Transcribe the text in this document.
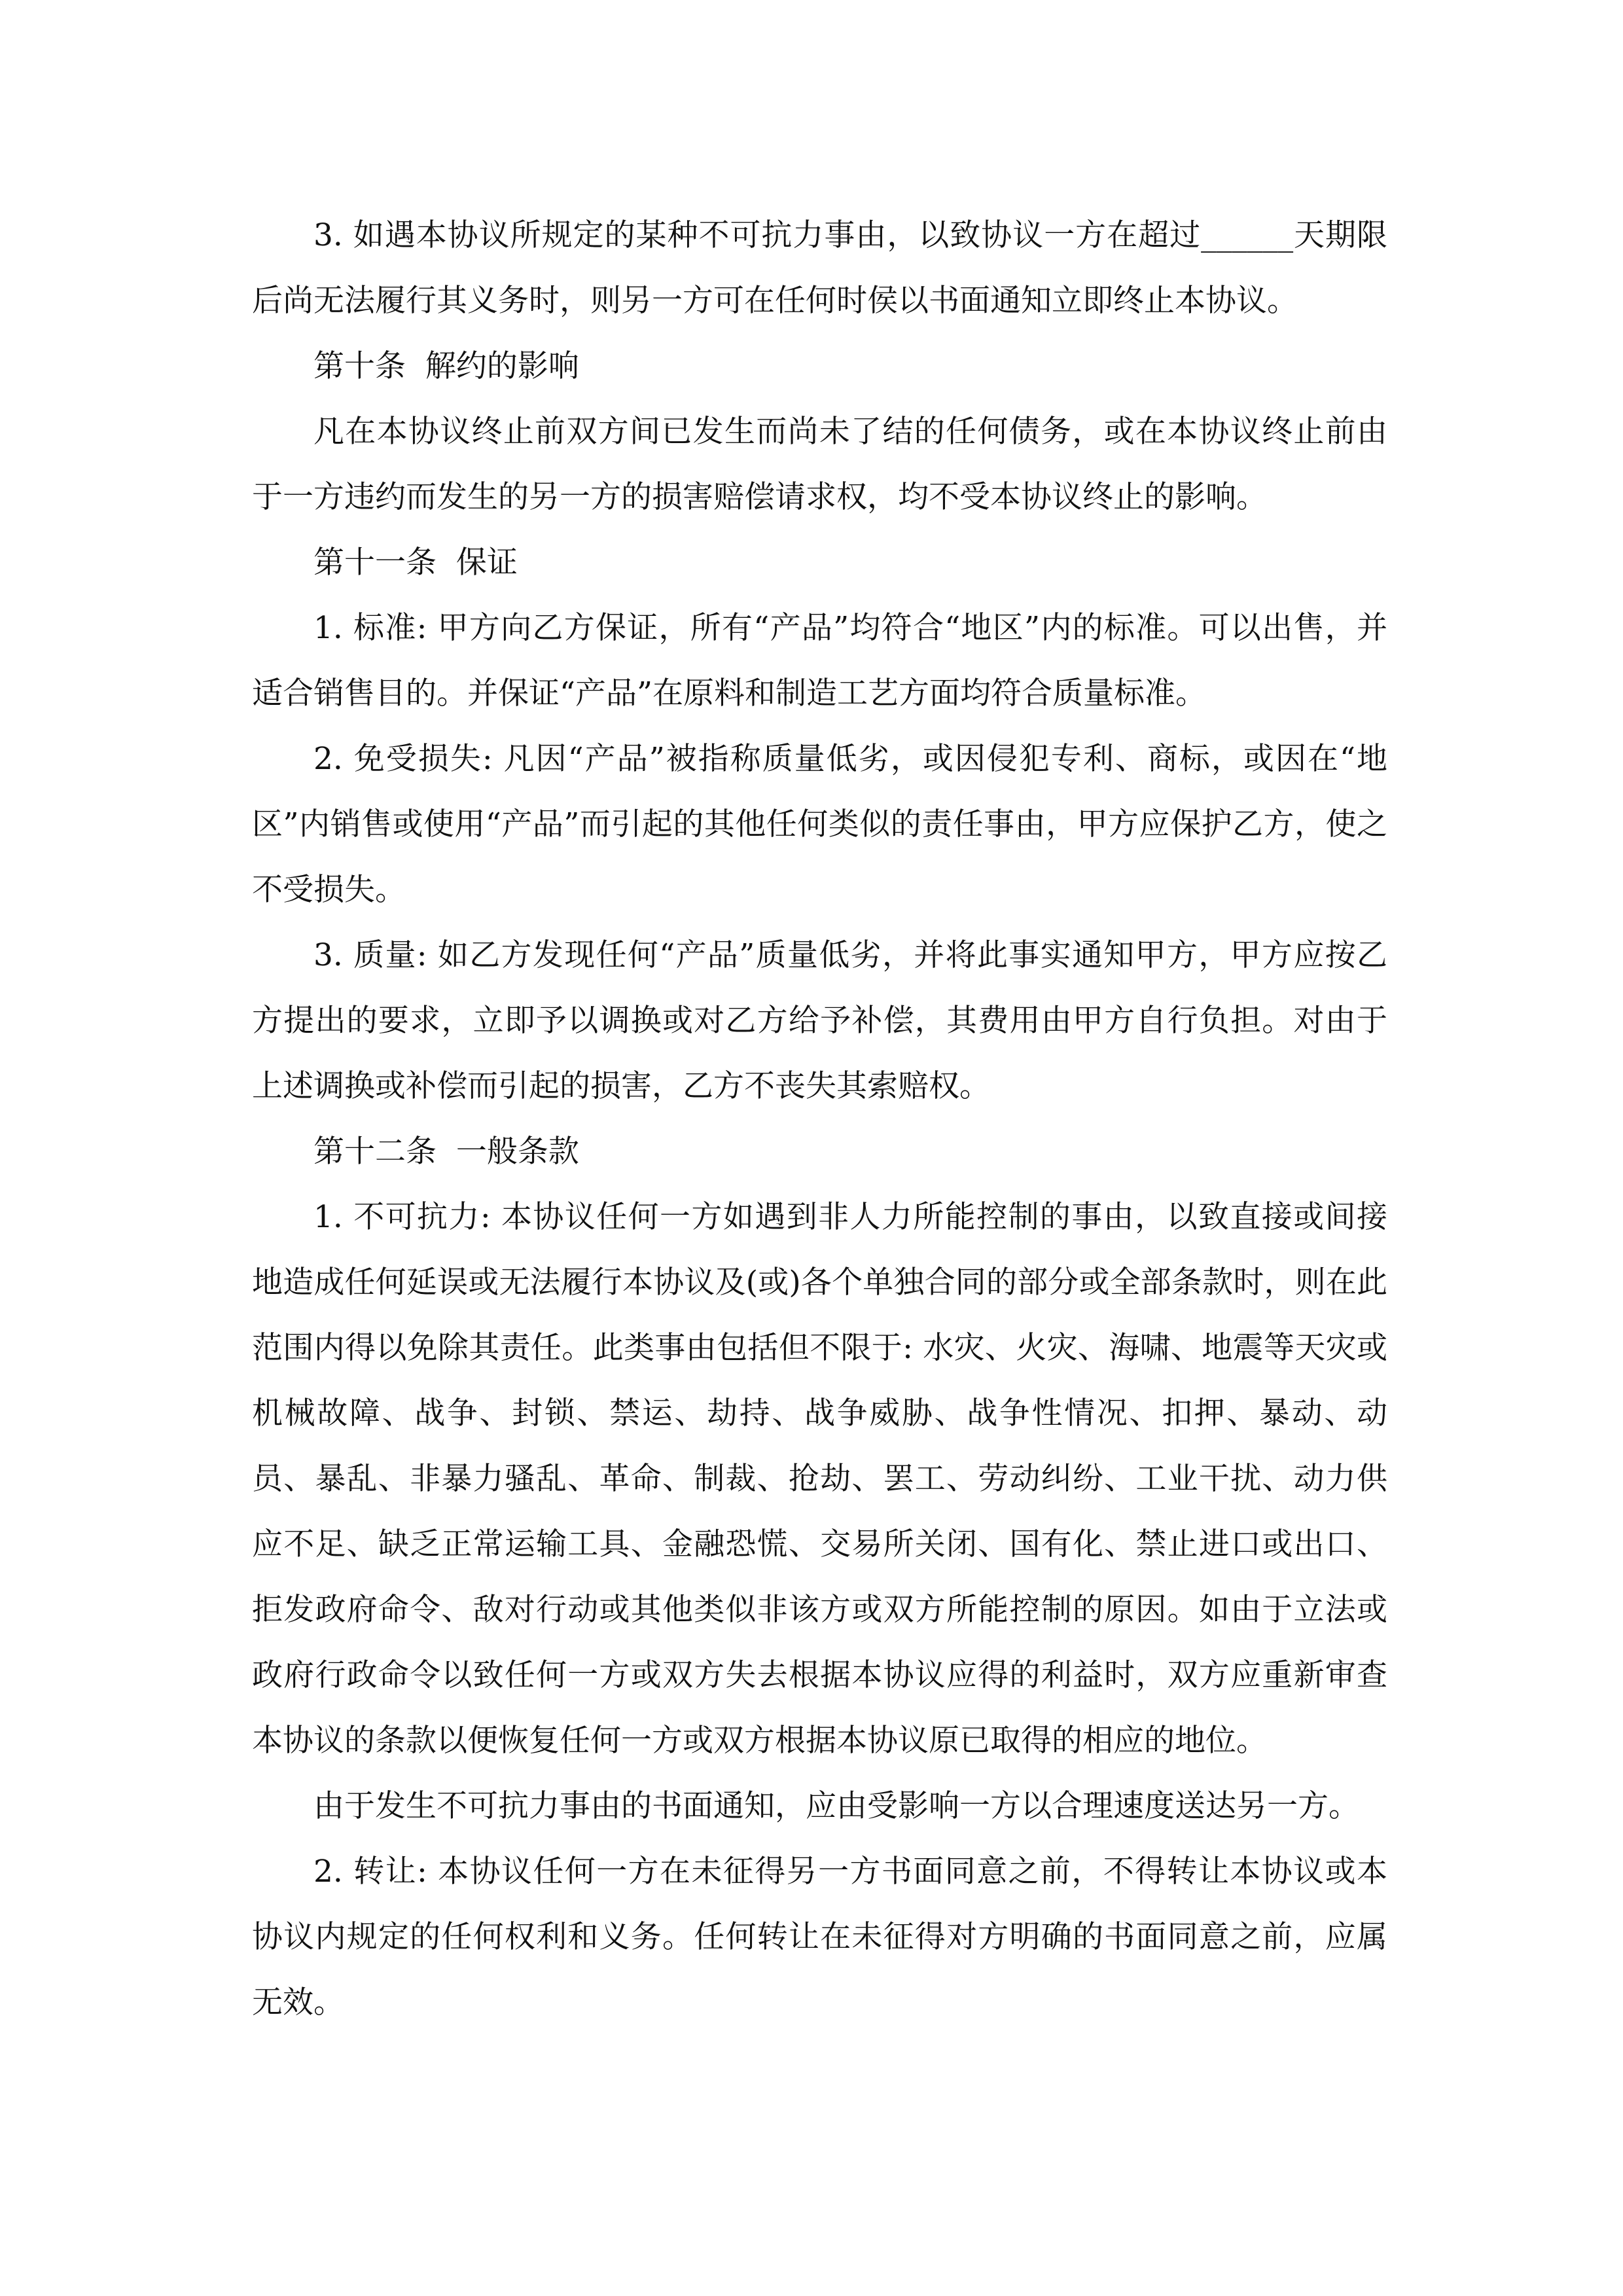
3. 如遇本协议所规定的某种不可抗力事由，以致协议一方在超过______天期限后尚无法履行其义务时，则另一方可在任何时侯以书面通知立即终止本协议。

第十条  解约的影响

凡在本协议终止前双方间已发生而尚未了结的任何债务，或在本协议终止前由于一方违约而发生的另一方的损害赔偿请求权，均不受本协议终止的影响。

第十一条  保证

1. 标准: 甲方向乙方保证，所有“产品”均符合“地区”内的标准。可以出售，并适合销售目的。并保证“产品”在原料和制造工艺方面均符合质量标准。

2. 免受损失: 凡因“产品”被指称质量低劣，或因侵犯专利、商标，或因在“地区”内销售或使用“产品”而引起的其他任何类似的责任事由，甲方应保护乙方，使之不受损失。

3. 质量: 如乙方发现任何“产品”质量低劣，并将此事实通知甲方，甲方应按乙方提出的要求，立即予以调换或对乙方给予补偿，其费用由甲方自行负担。对由于上述调换或补偿而引起的损害，乙方不丧失其索赔权。

第十二条  一般条款

1. 不可抗力: 本协议任何一方如遇到非人力所能控制的事由，以致直接或间接地造成任何延误或无法履行本协议及(或)各个单独合同的部分或全部条款时，则在此范围内得以免除其责任。此类事由包括但不限于: 水灾、火灾、海啸、地震等天灾或机械故障、战争、封锁、禁运、劫持、战争威胁、战争性情况、扣押、暴动、动员、暴乱、非暴力骚乱、革命、制裁、抢劫、罢工、劳动纠纷、工业干扰、动力供应不足、缺乏正常运输工具、金融恐慌、交易所关闭、国有化、禁止进口或出口、拒发政府命令、敌对行动或其他类似非该方或双方所能控制的原因。如由于立法或政府行政命令以致任何一方或双方失去根据本协议应得的利益时，双方应重新审查本协议的条款以便恢复任何一方或双方根据本协议原已取得的相应的地位。

由于发生不可抗力事由的书面通知，应由受影响一方以合理速度送达另一方。

2. 转让: 本协议任何一方在未征得另一方书面同意之前，不得转让本协议或本协议内规定的任何权利和义务。任何转让在未征得对方明确的书面同意之前，应属无效。
